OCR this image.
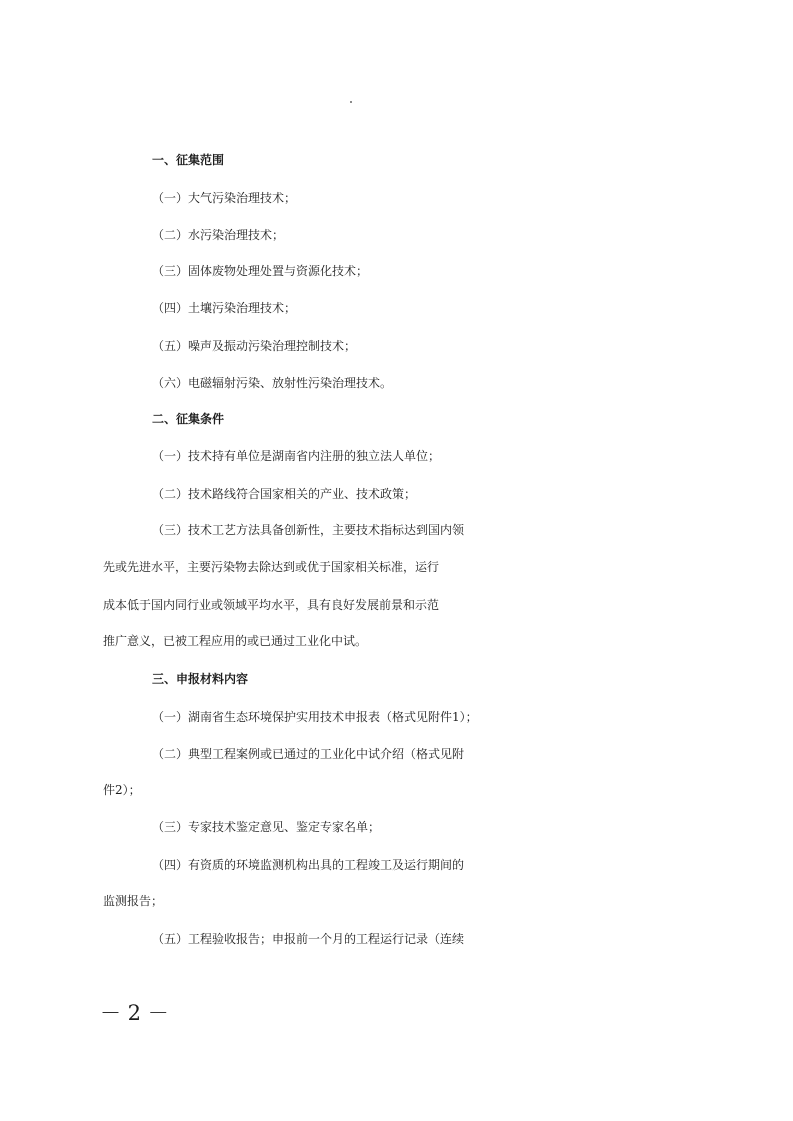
一、征集范围
（一）大气污染治理技术；
（二）水污染治理技术；
（三）固体废物处理处置与资源化技术；
（四）土壤污染治理技术；
（五）噪声及振动污染治理控制技术；
（六）电磁辐射污染、放射性污染治理技术。
二、征集条件
（一）技术持有单位是湖南省内注册的独立法人单位；
（二）技术路线符合国家相关的产业、技术政策；
（三）技术工艺方法具备创新性，主要技术指标达到国内领
先或先进水平，主要污染物去除达到或优于国家相关标准，运行
成本低于国内同行业或领域平均水平，具有良好发展前景和示范
推广意义，已被工程应用的或已通过工业化中试。
三、申报材料内容
（一）湖南省生态环境保护实用技术申报表（格式见附件1）；
（二）典型工程案例或已通过的工业化中试介绍（格式见附
件2）；
（三）专家技术鉴定意见、鉴定专家名单；
（四）有资质的环境监测机构出具的工程竣工及运行期间的
监测报告；
（五）工程验收报告；申报前一个月的工程运行记录（连续
－ 2 －
